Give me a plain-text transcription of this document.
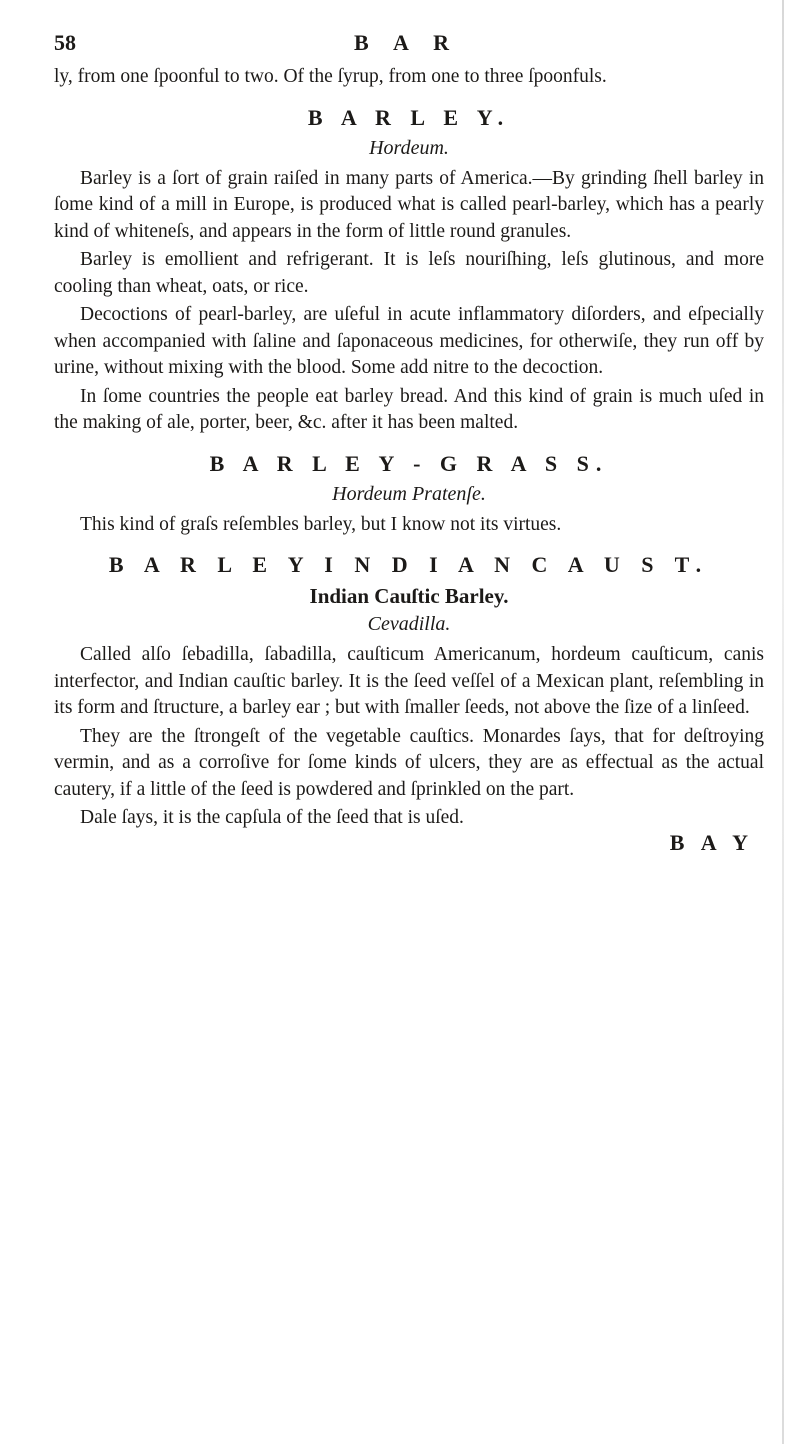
58	B A R

ly, from one ſpoonful to two. Of the ſyrup, from one to three ſpoonfuls.

B A R L E Y.
Hordeum.

Barley is a ſort of grain raiſed in many parts of America.—By grinding ſhell barley in ſome kind of a mill in Europe, is produced what is called pearl-barley, which has a pearly kind of whiteneſs, and appears in the form of little round granules.

Barley is emollient and refrigerant. It is leſs nouriſhing, leſs glutinous, and more cooling than wheat, oats, or rice.

Decoctions of pearl-barley, are uſeful in acute inflammatory diſorders, and eſpecially when accompanied with ſaline and ſaponaceous medicines, for otherwiſe, they run off by urine, without mixing with the blood. Some add nitre to the decoction.

In ſome countries the people eat barley bread. And this kind of grain is much uſed in the making of ale, porter, beer, &c. after it has been malted.

B A R L E Y - G R A S S.
Hordeum Pratenſe.

This kind of graſs reſembles barley, but I know not its virtues.

B A R L E Y I N D I A N C A U S T.
Indian Cauſtic Barley.
Cevadilla.

Called alſo ſebadilla, ſabadilla, cauſticum Americanum, hordeum cauſticum, canis interfector, and Indian cauſtic barley. It is the ſeed veſſel of a Mexican plant, reſembling in its form and ſtructure, a barley ear ; but with ſmaller ſeeds, not above the ſize of a linſeed.

They are the ſtrongeſt of the vegetable cauſtics. Monardes ſays, that for deſtroying vermin, and as a corroſive for ſome kinds of ulcers, they are as effectual as the actual cautery, if a little of the ſeed is powdered and ſprinkled on the part.

Dale ſays, it is the capſula of the ſeed that is uſed.

B A Y
